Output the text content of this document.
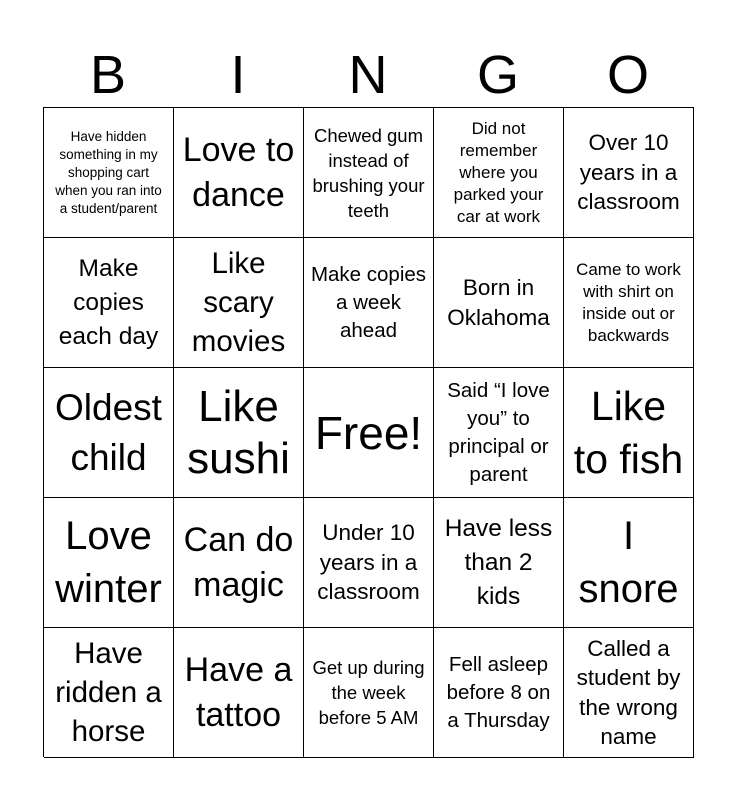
B	I	N	G	O
Have hidden something in my shopping cart when you ran into a student/parent
Love to dance
Chewed gum instead of brushing your teeth
Did not remember where you parked your car at work
Over 10 years in a classroom
Make copies each day
Like scary movies
Make copies a week ahead
Born in Oklahoma
Came to work with shirt on inside out or backwards
Oldest child
Like sushi Free!
Said “I love you” to principal or parent
Like to fish
Love winter
Can do magic
Under 10 years in a classroom
Have less than 2 kids
I snore
Have ridden a horse
Have a tattoo
Get up during the week before 5 AM
Fell asleep before 8 on a Thursday
Called a student by the wrong name
